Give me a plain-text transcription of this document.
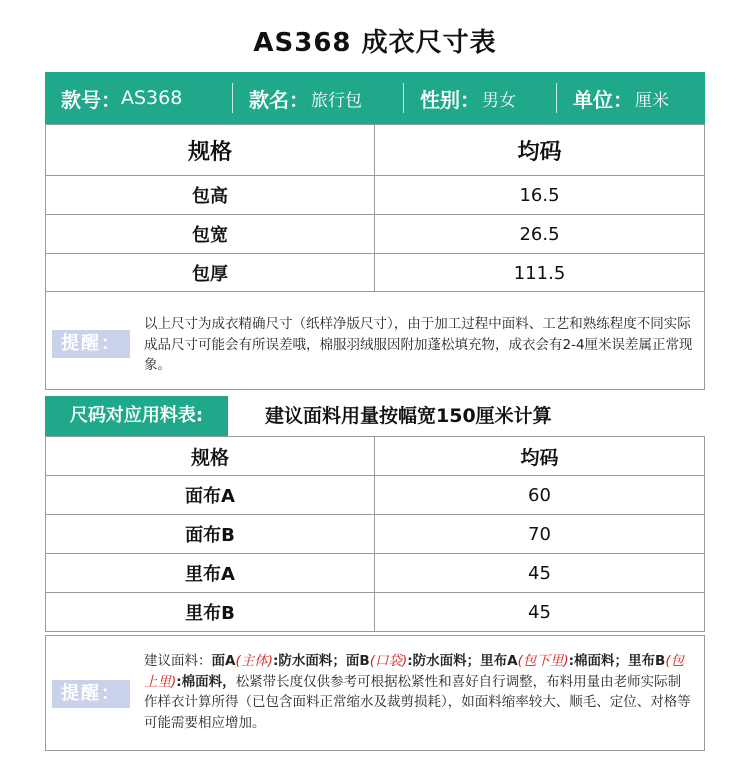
AS368 成衣尺寸表
款号： AS368	款名： 旅行包	性别： 男女	单位： 厘米
规格	均码
包高	16.5
包宽	26.5
包厚	111.5
提醒：
以上尺寸为成衣精确尺寸（纸样净版尺寸），由于加工过程中面料、工艺和熟练程度不同实际成品尺寸可能会有所误差哦，棉服羽绒服因附加蓬松填充物，成衣会有2-4厘米误差属正常现象。
尺码对应用料表:	建议面料用量按幅宽150厘米计算
规格	均码
面布A	60
面布B	70
里布A	45
里布B	45
提醒：
建议面料：面A(主体):防水面料；面B(口袋):防水面料；里布A(包下里):棉面料；里布B(包上里):棉面料，松紧带长度仅供参考可根据松紧性和喜好自行调整，布料用量由老师实际制作样衣计算所得（已包含面料正常缩水及裁剪损耗），如面料缩率较大、顺毛、定位、对格等可能需要相应增加。
